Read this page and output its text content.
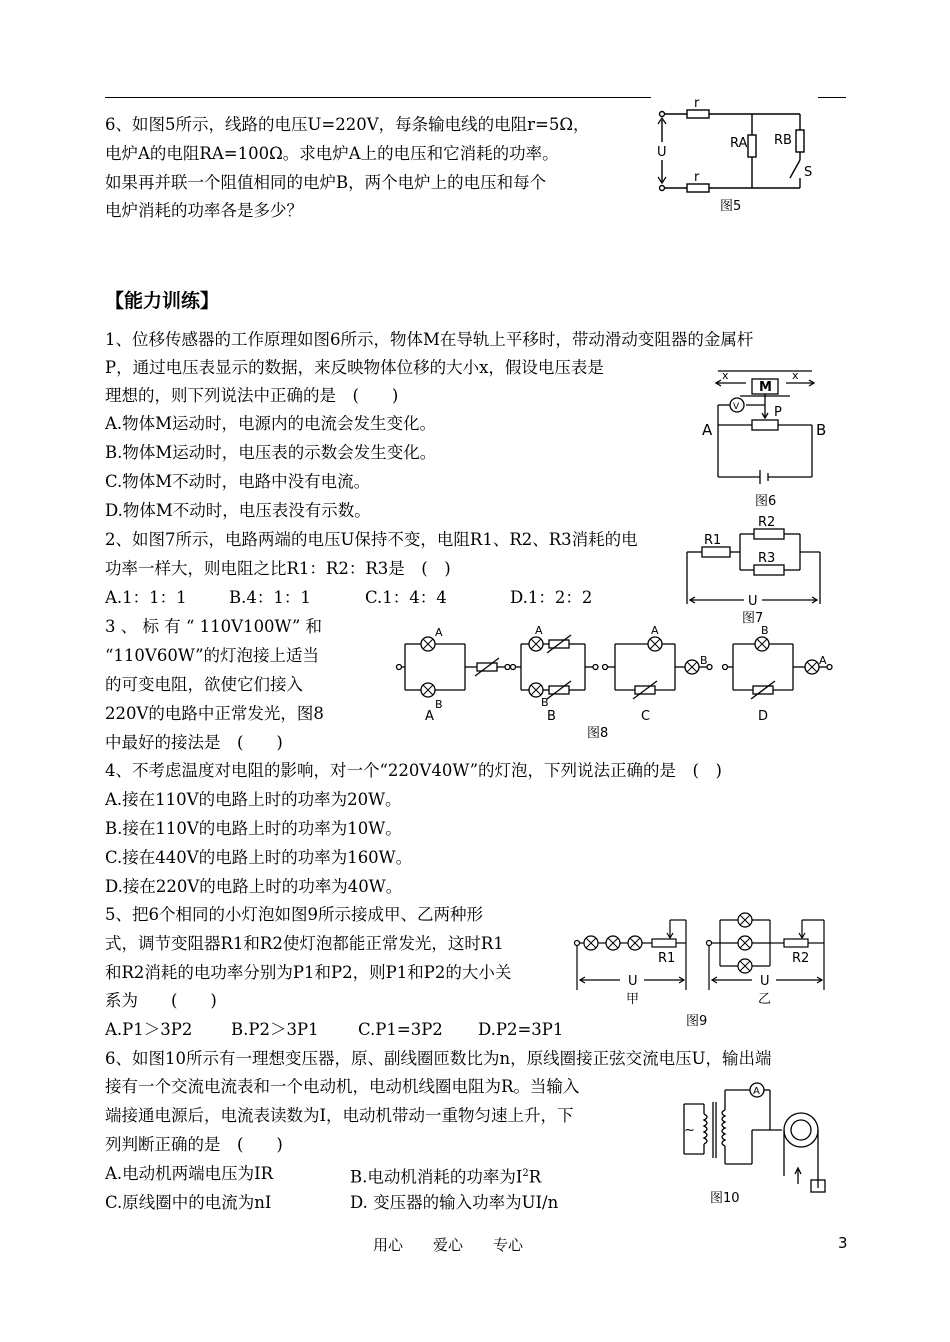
6、如图5所示，线路的电压U=220V，每条输电线的电阻r=5Ω，
电炉A的电阻RA=100Ω。求电炉A上的电压和它消耗的功率。
如果再并联一个阻值相同的电炉B，两个电炉上的电压和每个
电炉消耗的功率各是多少？
r
r
U
RA RB
S
图5
【能力训练】
1、位移传感器的工作原理如图6所示，物体M在导轨上平移时，带动滑动变阻器的金属杆
P，通过电压表显示的数据，来反映物体位移的大小x，假设电压表是
理想的，则下列说法中正确的是　(　　)
A.物体M运动时，电源内的电流会发生变化。
B.物体M运动时，电压表的示数会发生变化。
C.物体M不动时，电路中没有电流。
D.物体M不动时，电压表没有示数。
x	x
M
V	P
A	B
图6
2、如图7所示，电路两端的电压U保持不变，电阻R1、R2、R3消耗的电
功率一样大，则电阻之比R1：R2：R3是　(　)
A.1：1：1	B.4：1：1	C.1：4：4	D.1：2：2
R1
R2
R3
U
图7
3 、 标 有 “ 110V100W” 和
“110V60W”的灯泡接上适当
的可变电阻，欲使它们接入
220V的电路中正常发光，图8
中最好的接法是　(　　)
A
B
A
B
A
B
B
A
A	B	C	D
图8
4、不考虑温度对电阻的影响，对一个“220V40W”的灯泡，下列说法正确的是　(　)
A.接在110V的电路上时的功率为20W。
B.接在110V的电路上时的功率为10W。
C.接在440V的电路上时的功率为160W。
D.接在220V的电路上时的功率为40W。
5、把6个相同的小灯泡如图9所示接成甲、乙两种形
式，调节变阻器R1和R2使灯泡都能正常发光，这时R1
和R2消耗的电功率分别为P1和P2，则P1和P2的大小关
系为　　(　　)
A.P1＞3P2 B.P2＞3P1 C.P1=3P2 D.P2=3P1
R1
U
甲
R2
U
乙
图9
6、如图10所示有一理想变压器，原、副线圈匝数比为n，原线圈接正弦交流电压U，输出端
接有一个交流电流表和一个电动机，电动机线圈电阻为R。当输入
端接通电源后，电流表读数为I，电动机带动一重物匀速上升，下
列判断正确的是　(　　)
A.电动机两端电压为IR	B.电动机消耗的功率为$I^2R$
C.原线圈中的电流为nI	D. 变压器的输入功率为UI/n
~
A
图10
用心　　爱心　　专心	3
